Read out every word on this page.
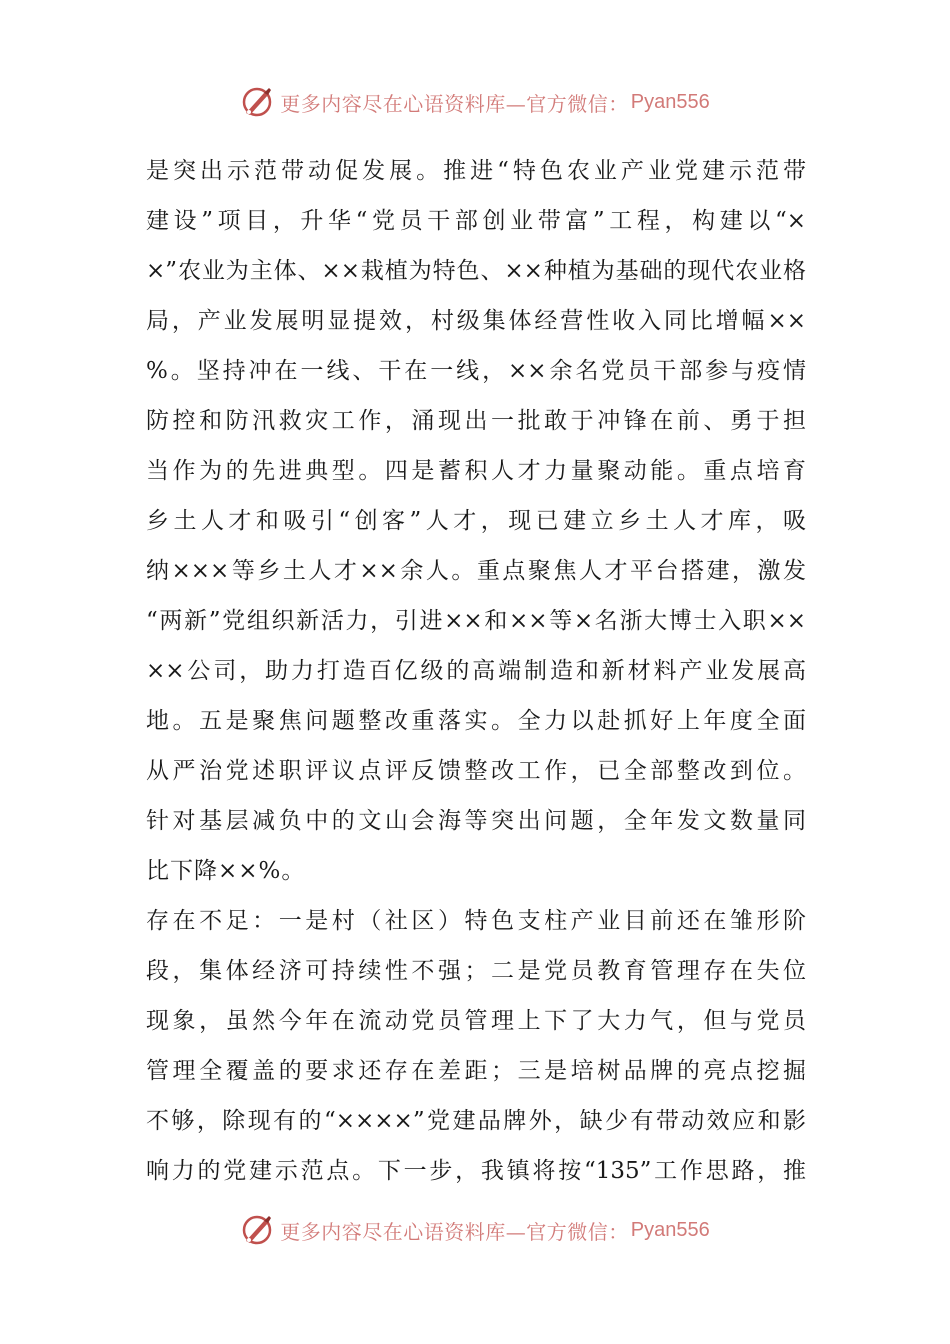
更多内容尽在心语资料库—官方微信： Pyan556
是突出示范带动促发展。推进“特色农业产业党建示范带
建设”项目，升华“党员干部创业带富”工程，构建以“×
×”农业为主体、××栽植为特色、××种植为基础的现代农业格
局，产业发展明显提效，村级集体经营性收入同比增幅××
%。坚持冲在一线、干在一线，××余名党员干部参与疫情
防控和防汛救灾工作，涌现出一批敢于冲锋在前、勇于担
当作为的先进典型。四是蓄积人才力量聚动能。重点培育
乡土人才和吸引“创客”人才，现已建立乡土人才库，吸
纳×××等乡土人才××余人。重点聚焦人才平台搭建，激发
“两新”党组织新活力，引进××和××等×名浙大博士入职××
××公司，助力打造百亿级的高端制造和新材料产业发展高
地。五是聚焦问题整改重落实。全力以赴抓好上年度全面
从严治党述职评议点评反馈整改工作，已全部整改到位。
针对基层减负中的文山会海等突出问题，全年发文数量同
比下降××%。
存在不足：一是村（社区）特色支柱产业目前还在雏形阶
段，集体经济可持续性不强；二是党员教育管理存在失位
现象，虽然今年在流动党员管理上下了大力气，但与党员
管理全覆盖的要求还存在差距；三是培树品牌的亮点挖掘
不够，除现有的“××××”党建品牌外，缺少有带动效应和影
响力的党建示范点。下一步，我镇将按“135”工作思路，推
更多内容尽在心语资料库—官方微信： Pyan556
